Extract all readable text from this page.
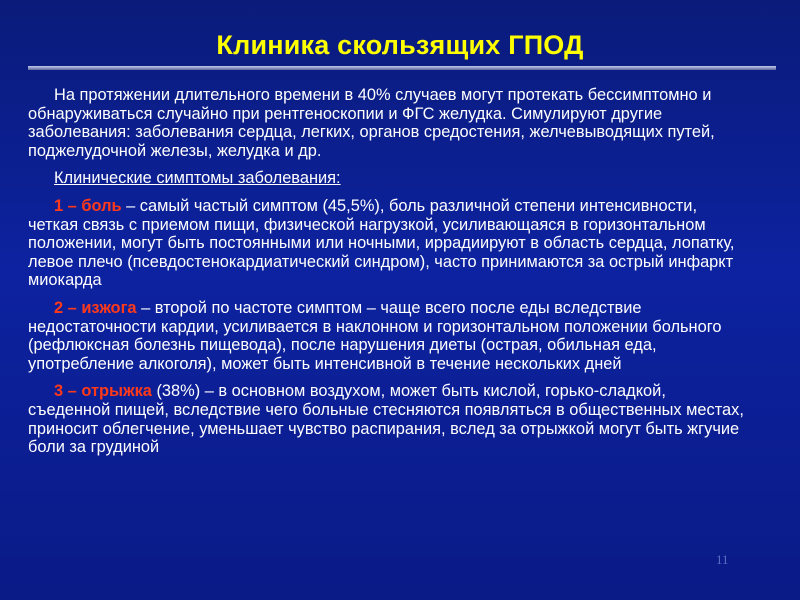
Клиника скользящих ГПОД

На протяжении длительного времени в 40% случаев могут протекать бессимптомно и обнаруживаться случайно при рентгеноскопии и ФГС желудка. Симулируют другие заболевания: заболевания сердца, легких, органов средостения, желчевыводящих путей, поджелудочной железы, желудка и др.

Клинические симптомы заболевания:

1 – боль – самый частый симптом (45,5%), боль различной степени интенсивности, четкая связь с приемом пищи, физической нагрузкой, усиливающаяся в горизонтальном положении, могут быть постоянными или ночными, иррадиируют в область сердца, лопатку, левое плечо (псевдостенокардиатический синдром), часто принимаются за острый инфаркт миокарда

2 – изжога – второй по частоте симптом – чаще всего после еды вследствие недостаточности кардии, усиливается в наклонном и горизонтальном положении больного (рефлюксная болезнь пищевода), после нарушения диеты (острая, обильная еда, употребление алкоголя), может быть интенсивной в течение нескольких дней

3 – отрыжка (38%) – в основном воздухом, может быть кислой, горько-сладкой, съеденной пищей, вследствие чего больные стесняются появляться в общественных местах, приносит облегчение, уменьшает чувство распирания, вслед за отрыжкой могут быть жгучие боли за грудиной

11
